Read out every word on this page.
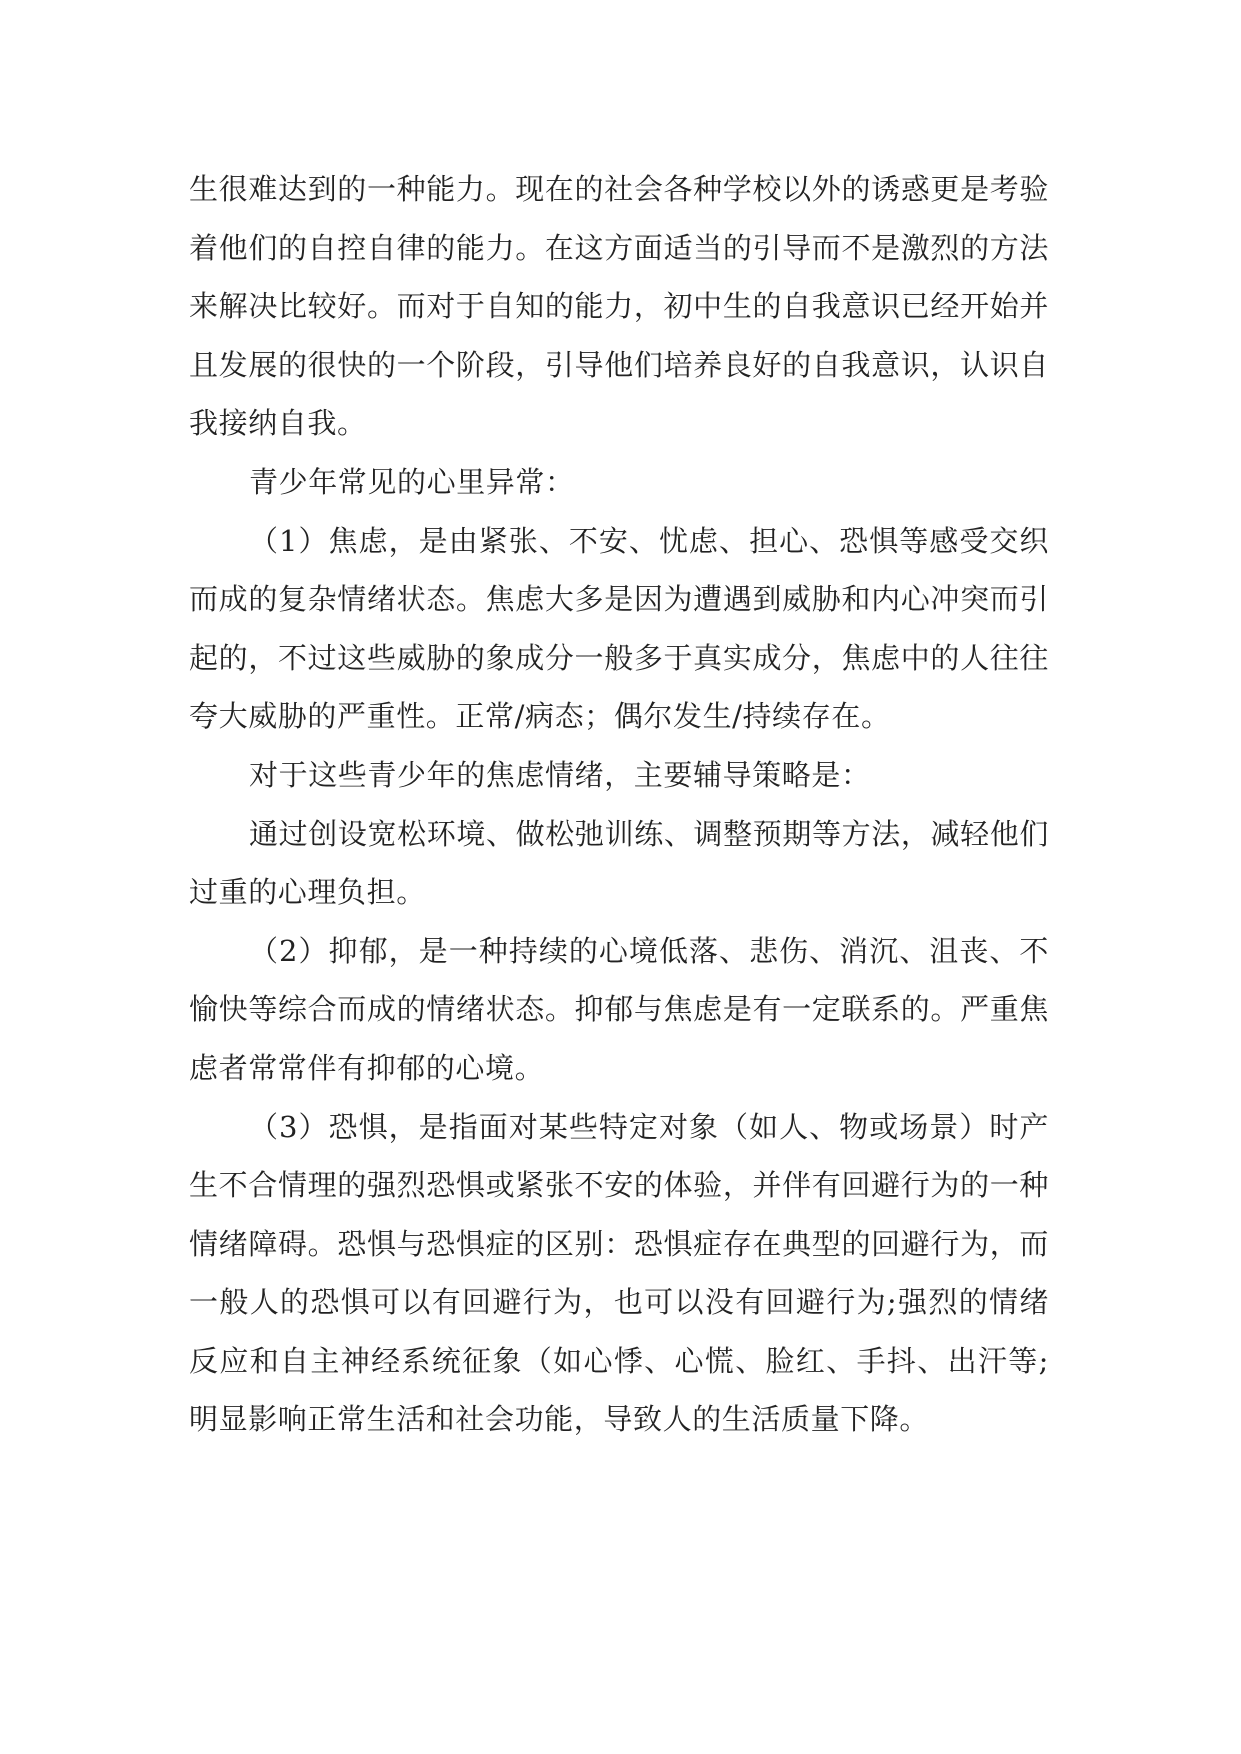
生很难达到的一种能力。现在的社会各种学校以外的诱惑更是考验着他们的自控自律的能力。在这方面适当的引导而不是激烈的方法来解决比较好。而对于自知的能力，初中生的自我意识已经开始并且发展的很快的一个阶段，引导他们培养良好的自我意识，认识自我接纳自我。

青少年常见的心里异常：

（1）焦虑，是由紧张、不安、忧虑、担心、恐惧等感受交织而成的复杂情绪状态。焦虑大多是因为遭遇到威胁和内心冲突而引起的，不过这些威胁的象成分一般多于真实成分，焦虑中的人往往夸大威胁的严重性。正常/病态；偶尔发生/持续存在。

对于这些青少年的焦虑情绪，主要辅导策略是：

通过创设宽松环境、做松弛训练、调整预期等方法，减轻他们过重的心理负担。

（2）抑郁，是一种持续的心境低落、悲伤、消沉、沮丧、不愉快等综合而成的情绪状态。抑郁与焦虑是有一定联系的。严重焦虑者常常伴有抑郁的心境。

（3）恐惧，是指面对某些特定对象（如人、物或场景）时产生不合情理的强烈恐惧或紧张不安的体验，并伴有回避行为的一种情绪障碍。恐惧与恐惧症的区别：恐惧症存在典型的回避行为，而一般人的恐惧可以有回避行为，也可以没有回避行为;强烈的情绪反应和自主神经系统征象（如心悸、心慌、脸红、手抖、出汗等;明显影响正常生活和社会功能，导致人的生活质量下降。
